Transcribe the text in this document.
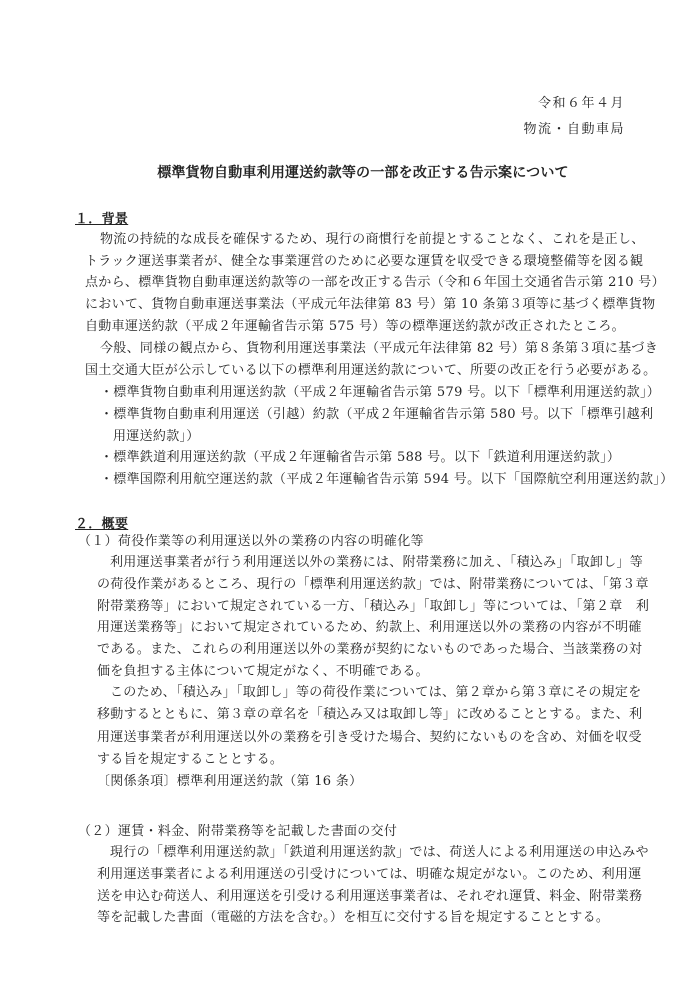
令和６年４月
物流・自動車局
標準貨物自動車利用運送約款等の一部を改正する告示案について
１．背景
物流の持続的な成長を確保するため、現行の商慣行を前提とすることなく、これを是正し、
トラック運送事業者が、健全な事業運営のために必要な運賃を収受できる環境整備等を図る観
点から、標準貨物自動車運送約款等の一部を改正する告示（令和６年国土交通省告示第 210 号）
において、貨物自動車運送事業法（平成元年法律第 83 号）第 10 条第３項等に基づく標準貨物
自動車運送約款（平成２年運輸省告示第 575 号）等の標準運送約款が改正されたところ。
今般、同様の観点から、貨物利用運送事業法（平成元年法律第 82 号）第８条第３項に基づき
国土交通大臣が公示している以下の標準利用運送約款について、所要の改正を行う必要がある。
・標準貨物自動車利用運送約款（平成２年運輸省告示第 579 号。以下「標準利用運送約款」）
・標準貨物自動車利用運送（引越）約款（平成２年運輸省告示第 580 号。以下「標準引越利
用運送約款」）
・標準鉄道利用運送約款（平成２年運輸省告示第 588 号。以下「鉄道利用運送約款」）
・標準国際利用航空運送約款（平成２年運輸省告示第 594 号。以下「国際航空利用運送約款」）
２．概要
（１）荷役作業等の利用運送以外の業務の内容の明確化等
利用運送事業者が行う利用運送以外の業務には、附帯業務に加え、「積込み」「取卸し」等
の荷役作業があるところ、現行の「標準利用運送約款」では、附帯業務については、「第３章
附帯業務等」において規定されている一方、「積込み」「取卸し」等については、「第２章　利
用運送業務等」において規定されているため、約款上、利用運送以外の業務の内容が不明確
である。また、これらの利用運送以外の業務が契約にないものであった場合、当該業務の対
価を負担する主体について規定がなく、不明確である。
このため、「積込み」「取卸し」等の荷役作業については、第２章から第３章にその規定を
移動するとともに、第３章の章名を「積込み又は取卸し等」に改めることとする。また、利
用運送事業者が利用運送以外の業務を引き受けた場合、契約にないものを含め、対価を収受
する旨を規定することとする。
〔関係条項〕標準利用運送約款（第 16 条）
（２）運賃・料金、附帯業務等を記載した書面の交付
現行の「標準利用運送約款」「鉄道利用運送約款」では、荷送人による利用運送の申込みや
利用運送事業者による利用運送の引受けについては、明確な規定がない。このため、利用運
送を申込む荷送人、利用運送を引受ける利用運送事業者は、それぞれ運賃、料金、附帯業務
等を記載した書面（電磁的方法を含む。）を相互に交付する旨を規定することとする。
